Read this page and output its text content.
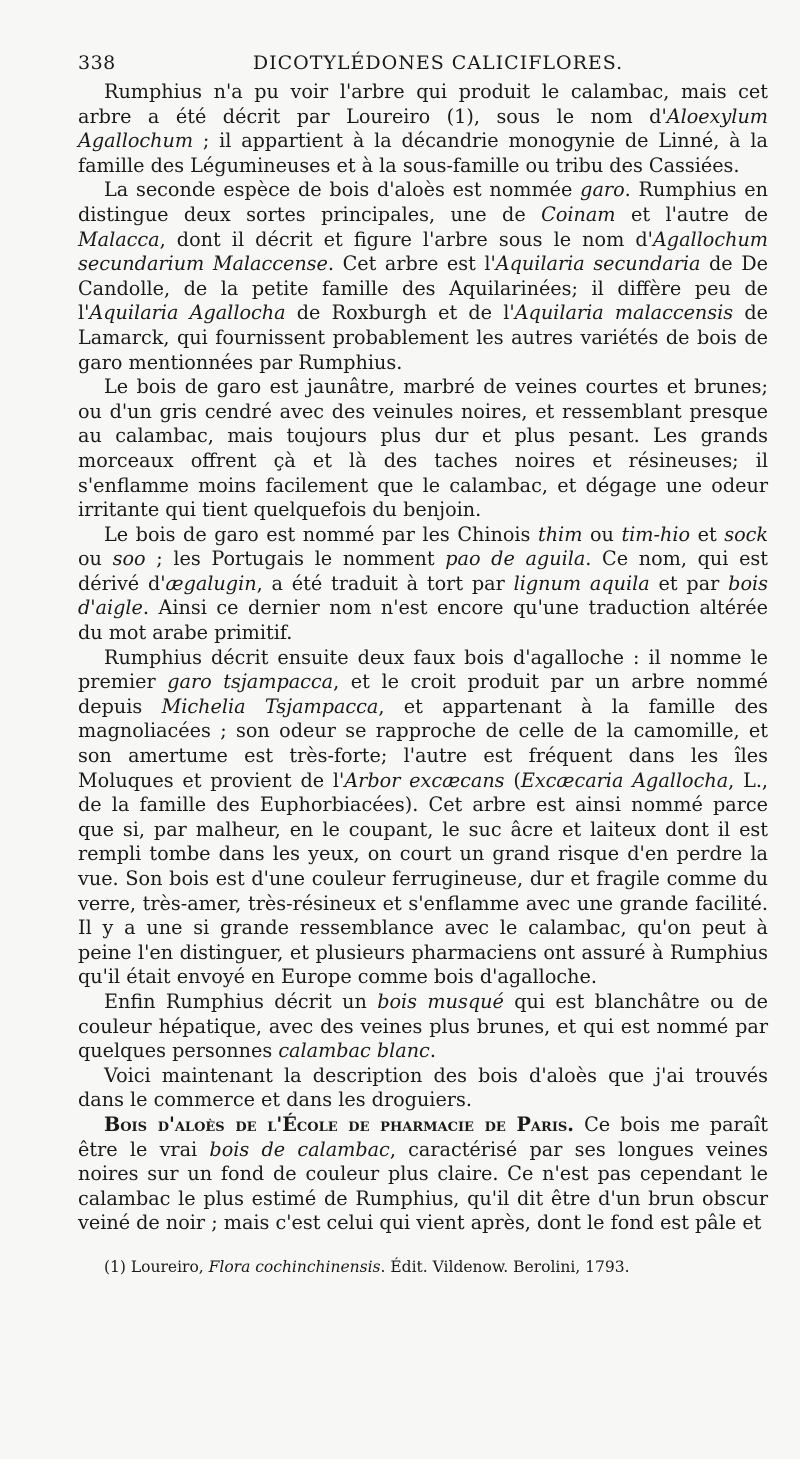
338	DICOTYLÉDONES CALICIFLORES.

Rumphius n'a pu voir l'arbre qui produit le calambac, mais cet arbre a été décrit par Loureiro (1), sous le nom d'Aloexylum Agallochum ; il appartient à la décandrie monogynie de Linné, à la famille des Légumineuses et à la sous-famille ou tribu des Cassiées.

La seconde espèce de bois d'aloès est nommée garo. Rumphius en distingue deux sortes principales, une de Coinam et l'autre de Malacca, dont il décrit et figure l'arbre sous le nom d'Agallochum secundarium Malaccense. Cet arbre est l'Aquilaria secundaria de De Candolle, de la petite famille des Aquilarinées; il diffère peu de l'Aquilaria Agallocha de Roxburgh et de l'Aquilaria malaccensis de Lamarck, qui fournissent probablement les autres variétés de bois de garo mentionnées par Rumphius.

Le bois de garo est jaunâtre, marbré de veines courtes et brunes; ou d'un gris cendré avec des veinules noires, et ressemblant presque au calambac, mais toujours plus dur et plus pesant. Les grands morceaux offrent çà et là des taches noires et résineuses; il s'enflamme moins facilement que le calambac, et dégage une odeur irritante qui tient quelquefois du benjoin.

Le bois de garo est nommé par les Chinois thim ou tim-hio et sock ou soo ; les Portugais le nomment pao de aguila. Ce nom, qui est dérivé d'ægalugin, a été traduit à tort par lignum aquila et par bois d'aigle. Ainsi ce dernier nom n'est encore qu'une traduction altérée du mot arabe primitif.

Rumphius décrit ensuite deux faux bois d'agalloche : il nomme le premier garo tsjampacca, et le croit produit par un arbre nommé depuis Michelia Tsjampacca, et appartenant à la famille des magnoliacées ; son odeur se rapproche de celle de la camomille, et son amertume est très-forte; l'autre est fréquent dans les îles Moluques et provient de l'Arbor excæcans (Excæcaria Agallocha, L., de la famille des Euphorbiacées). Cet arbre est ainsi nommé parce que si, par malheur, en le coupant, le suc âcre et laiteux dont il est rempli tombe dans les yeux, on court un grand risque d'en perdre la vue. Son bois est d'une couleur ferrugineuse, dur et fragile comme du verre, très-amer, très-résineux et s'enflamme avec une grande facilité. Il y a une si grande ressemblance avec le calambac, qu'on peut à peine l'en distinguer, et plusieurs pharmaciens ont assuré à Rumphius qu'il était envoyé en Europe comme bois d'agalloche.

Enfin Rumphius décrit un bois musqué qui est blanchâtre ou de couleur hépatique, avec des veines plus brunes, et qui est nommé par quelques personnes calambac blanc.

Voici maintenant la description des bois d'aloès que j'ai trouvés dans le commerce et dans les droguiers.

Bois d'aloès de l'École de pharmacie de Paris. Ce bois me paraît être le vrai bois de calambac, caractérisé par ses longues veines noires sur un fond de couleur plus claire. Ce n'est pas cependant le calambac le plus estimé de Rumphius, qu'il dit être d'un brun obscur veiné de noir ; mais c'est celui qui vient après, dont le fond est pâle et

(1) Loureiro, Flora cochinchinensis. Édit. Vildenow. Berolini, 1793.
